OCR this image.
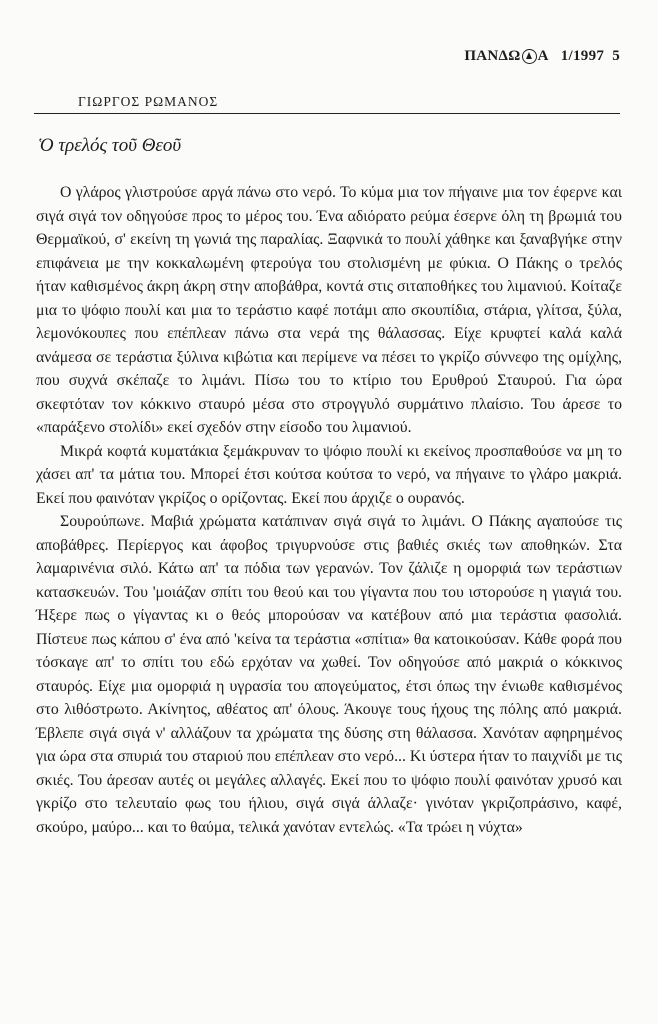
ΠΑΝΔΩ Α 1/1997 5
ΓΙΩΡΓΟΣ ΡΩΜΑΝΟΣ
Ὁ τρελός τοῦ Θεοῦ

Ο γλάρος γλιστρούσε αργά πάνω στο νερό. Το κύμα μια τον πήγαινε μια τον έφερνε και σιγά σιγά τον οδηγούσε προς το μέρος του. Ένα αδιόρατο ρεύμα έσερνε όλη τη βρωμιά του Θερμαϊκού, σ' εκείνη τη γωνιά της παραλίας. Ξαφνικά το πουλί χάθηκε και ξαναβγήκε στην επιφάνεια με την κοκκαλωμένη φτερούγα του στολισμένη με φύκια. Ο Πάκης ο τρελός ήταν καθισμένος άκρη άκρη στην αποβάθρα, κοντά στις σιταποθήκες του λιμανιού. Κοίταζε μια το ψόφιο πουλί και μια το τεράστιο καφέ ποτάμι απο σκουπίδια, στάρια, γλίτσα, ξύλα, λεμονόκουπες που επέπλεαν πάνω στα νερά της θάλασσας. Είχε κρυφτεί καλά καλά ανάμεσα σε τεράστια ξύλινα κιβώτια και περίμενε να πέσει το γκρίζο σύννεφο της ομίχλης, που συχνά σκέπαζε το λιμάνι. Πίσω του το κτίριο του Ερυθρού Σταυρού. Για ώρα σκεφτόταν τον κόκκινο σταυρό μέσα στο στρογγυλό συρμάτινο πλαίσιο. Του άρεσε το «παράξενο στολίδι» εκεί σχεδόν στην είσοδο του λιμανιού.

Μικρά κοφτά κυματάκια ξεμάκρυναν το ψόφιο πουλί κι εκείνος προσπαθούσε να μη το χάσει απ' τα μάτια του. Μπορεί έτσι κούτσα κούτσα το νερό, να πήγαινε το γλάρο μακριά. Εκεί που φαινόταν γκρίζος ο ορίζοντας. Εκεί που άρχιζε ο ουρανός.

Σουρούπωνε. Μαβιά χρώματα κατάπιναν σιγά σιγά το λιμάνι. Ο Πάκης αγαπούσε τις αποβάθρες. Περίεργος και άφοβος τριγυρνούσε στις βαθιές σκιές των αποθηκών. Στα λαμαρινένια σιλό. Κάτω απ' τα πόδια των γερανών. Τον ζάλιζε η ομορφιά των τεράστιων κατασκευών. Του 'μοιάζαν σπίτι του θεού και του γίγαντα που του ιστορούσε η γιαγιά του. Ήξερε πως ο γίγαντας κι ο θεός μπορούσαν να κατέβουν από μια τεράστια φασολιά. Πίστευε πως κάπου σ' ένα από 'κείνα τα τεράστια «σπίτια» θα κατοικούσαν. Κάθε φορά που τόσκαγε απ' το σπίτι του εδώ ερχόταν να χωθεί. Τον οδηγούσε από μακριά ο κόκκινος σταυρός. Είχε μια ομορφιά η υγρασία του απογεύματος, έτσι όπως την ένιωθε καθισμένος στο λιθόστρωτο. Ακίνητος, αθέατος απ' όλους. Άκουγε τους ήχους της πόλης από μακριά. Έβλεπε σιγά σιγά ν' αλλάζουν τα χρώματα της δύσης στη θάλασσα. Χανόταν αφηρημένος για ώρα στα σπυριά του σταριού που επέπλεαν στο νερό... Κι ύστερα ήταν το παιχνίδι με τις σκιές. Του άρεσαν αυτές οι μεγάλες αλλαγές. Εκεί που το ψόφιο πουλί φαινόταν χρυσό και γκρίζο στο τελευταίο φως του ήλιου, σιγά σιγά άλλαζε· γινόταν γκριζοπράσινο, καφέ, σκούρο, μαύρο... και το θαύμα, τελικά χανόταν εντελώς. «Τα τρώει η νύχτα»
